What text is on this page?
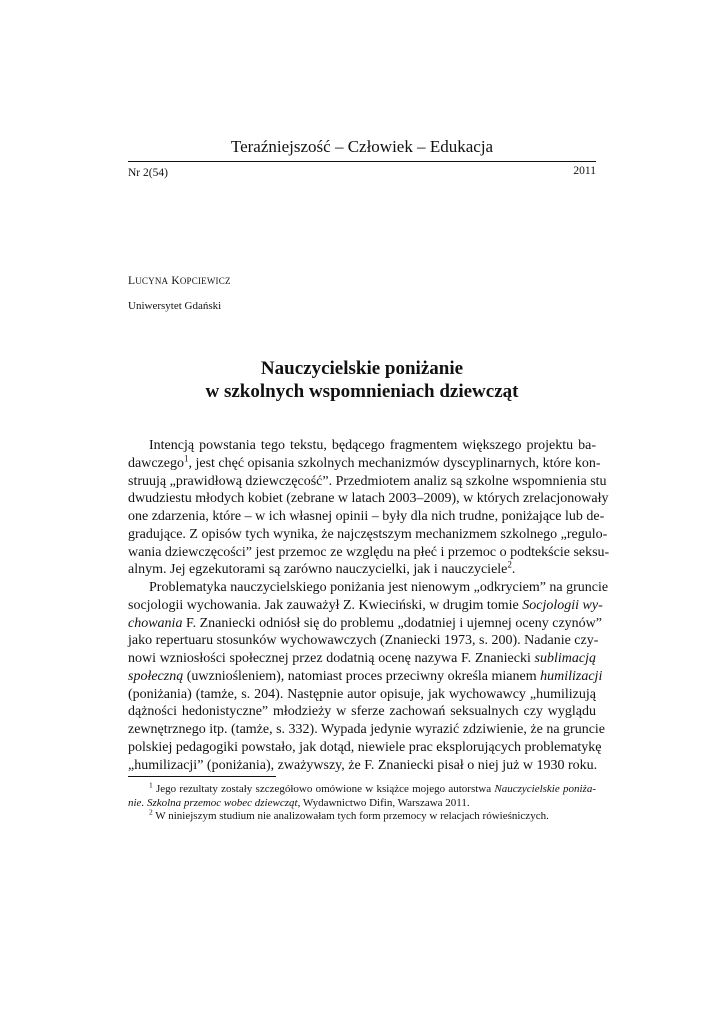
Teraźniejszość – Człowiek – Edukacja
Nr 2(54)	2011
LUCYNA KOPCIEWICZ
Uniwersytet Gdański
Nauczycielskie poniżanie
w szkolnych wspomnieniach dziewcząt
Intencją powstania tego tekstu, będącego fragmentem większego projektu ba-
dawczego$^1$, jest chęć opisania szkolnych mechanizmów dyscyplinarnych, które kon-
struują „prawidłową dziewczęcość”. Przedmiotem analiz są szkolne wspomnienia stu
dwudziestu młodych kobiet (zebrane w latach 2003–2009), w których zrelacjonowały
one zdarzenia, które – w ich własnej opinii – były dla nich trudne, poniżające lub de-
gradujące. Z opisów tych wynika, że najczęstszym mechanizmem szkolnego „regulo-
wania dziewczęcości” jest przemoc ze względu na płeć i przemoc o podtekście seksu-
alnym. Jej egzekutorami są zarówno nauczycielki, jak i nauczyciele$^2$.
Problematyka nauczycielskiego poniżania jest nienowym „odkryciem” na gruncie
socjologii wychowania. Jak zauważył Z. Kwieciński, w drugim tomie Socjologii wy-
chowania F. Znaniecki odniósł się do problemu „dodatniej i ujemnej oceny czynów”
jako repertuaru stosunków wychowawczych (Znaniecki 1973, s. 200). Nadanie czy-
nowi wzniosłości społecznej przez dodatnią ocenę nazywa F. Znaniecki sublimacją
społeczną (uwzniośleniem), natomiast proces przeciwny określa mianem humilizacji
(poniżania) (tamże, s. 204). Następnie autor opisuje, jak wychowawcy „humilizują
dążności hedonistyczne” młodzieży w sferze zachowań seksualnych czy wyglądu
zewnętrznego itp. (tamże, s. 332). Wypada jedynie wyrazić zdziwienie, że na gruncie
polskiej pedagogiki powstało, jak dotąd, niewiele prac eksplorujących problematykę
„humilizacji” (poniżania), zważywszy, że F. Znaniecki pisał o niej już w 1930 roku.
$^1$ Jego rezultaty zostały szczegółowo omówione w książce mojego autorstwa Nauczycielskie poniża-
nie. Szkolna przemoc wobec dziewcząt, Wydawnictwo Difin, Warszawa 2011.
$^2$ W niniejszym studium nie analizowałam tych form przemocy w relacjach rówieśniczych.
